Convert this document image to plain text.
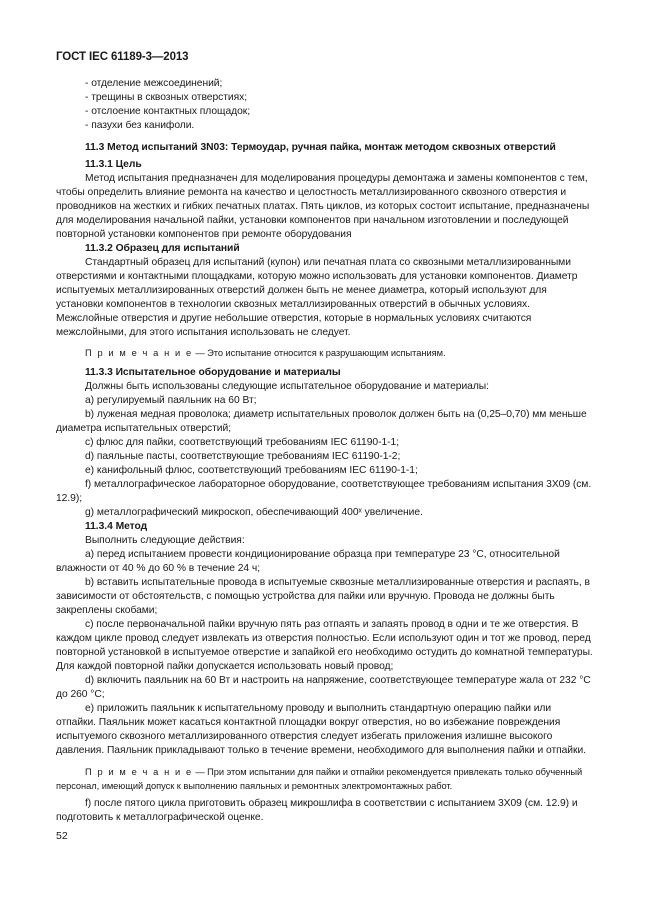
ГОСТ IEC 61189-3—2013

- отделение межсоединений;

- трещины в сквозных отверстиях;

- отслоение контактных площадок;

- пазухи без канифоли.

11.3 Метод испытаний 3N03: Термоудар, ручная пайка, монтаж методом сквозных отверстий

11.3.1 Цель

Метод испытания предназначен для моделирования процедуры демонтажа и замены компонентов с тем, чтобы определить влияние ремонта на качество и целостность металлизированного сквозного отверстия и проводников на жестких и гибких печатных платах. Пять циклов, из которых состоит испытание, предназначены для моделирования начальной пайки, установки компонентов при начальном изготовлении и последующей повторной установки компонентов при ремонте оборудования

11.3.2 Образец для испытаний

Стандартный образец для испытаний (купон) или печатная плата со сквозными металлизированными отверстиями и контактными площадками, которую можно использовать для установки компонентов. Диаметр испытуемых металлизированных отверстий должен быть не менее диаметра, который используют для установки компонентов в технологии сквозных металлизированных отверстий в обычных условиях. Межслойные отверстия и другие небольшие отверстия, которые в нормальных условиях считаются межслойными, для этого испытания использовать не следует.

П р и м е ч а н и е — Это испытание относится к разрушающим испытаниям.

11.3.3 Испытательное оборудование и материалы

Должны быть использованы следующие испытательное оборудование и материалы:

a) регулируемый паяльник на 60 Вт;

b) луженая медная проволока; диаметр испытательных проволок должен быть на (0,25–0,70) мм меньше диаметра испытательных отверстий;

c) флюс для пайки, соответствующий требованиям IEC 61190-1-1;

d) паяльные пасты, соответствующие требованиям IEC 61190-1-2;

e) канифольный флюс, соответствующий требованиям IEC 61190-1-1;

f) металлографическое лабораторное оборудование, соответствующее требованиям испытания 3X09 (см. 12.9);

g) металлографический микроскоп, обеспечивающий 400ˣ увеличение.

11.3.4 Метод

Выполнить следующие действия:

a) перед испытанием провести кондиционирование образца при температуре 23 °С, относительной влажности от 40 % до 60 % в течение 24 ч;

b) вставить испытательные провода в испытуемые сквозные металлизированные отверстия и распаять, в зависимости от обстоятельств, с помощью устройства для пайки или вручную. Провода не должны быть закреплены скобами;

c) после первоначальной пайки вручную пять раз отпаять и запаять провод в одни и те же отверстия. В каждом цикле провод следует извлекать из отверстия полностью. Если используют один и тот же провод, перед повторной установкой в испытуемое отверстие и запайкой его необходимо остудить до комнатной температуры. Для каждой повторной пайки допускается использовать новый провод;

d) включить паяльник на 60 Вт и настроить на напряжение, соответствующее температуре жала от 232 °С до 260 °С;

e) приложить паяльник к испытательному проводу и выполнить стандартную операцию пайки или отпайки. Паяльник может касаться контактной площадки вокруг отверстия, но во избежание повреждения испытуемого сквозного металлизированного отверстия следует избегать приложения излишне высокого давления. Паяльник прикладывают только в течение времени, необходимого для выполнения пайки и отпайки.

П р и м е ч а н и е — При этом испытании для пайки и отпайки рекомендуется привлекать только обученный персонал, имеющий допуск к выполнению паяльных и ремонтных электромонтажных работ.

f) после пятого цикла приготовить образец микрошлифа в соответствии с испытанием 3X09 (см. 12.9) и подготовить к металлографической оценке.

52
